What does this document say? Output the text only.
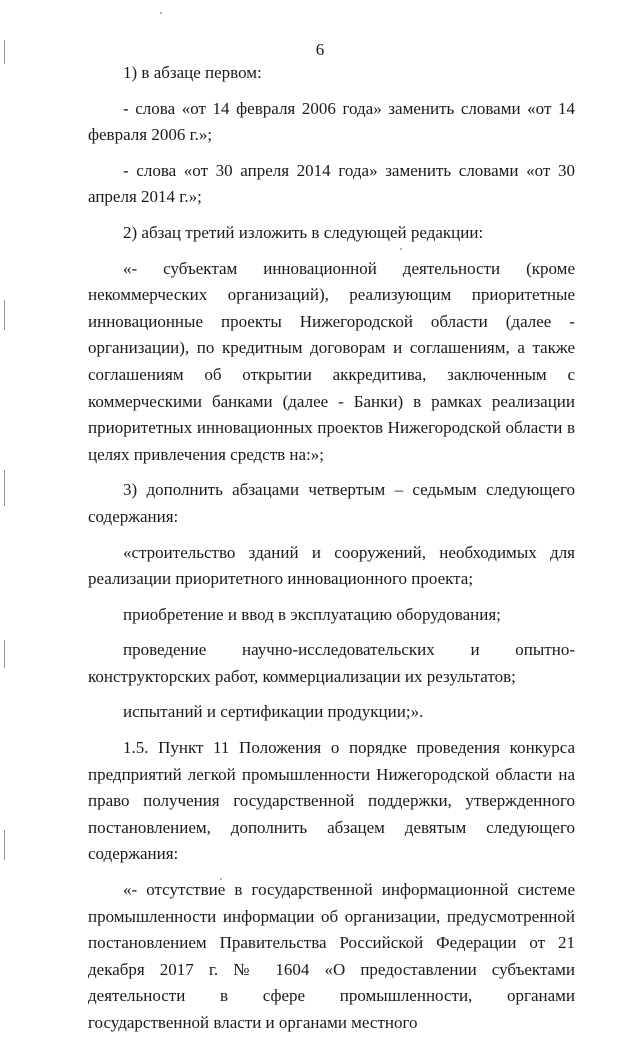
6

1) в абзаце первом:

- слова «от 14 февраля 2006 года» заменить словами «от 14 февраля 2006 г.»;

- слова «от 30 апреля 2014 года» заменить словами «от 30 апреля 2014 г.»;

2) абзац третий изложить в следующей редакции:

«- субъектам инновационной деятельности (кроме некоммерческих организаций), реализующим приоритетные инновационные проекты Нижегородской области (далее - организации), по кредитным договорам и соглашениям, а также соглашениям об открытии аккредитива, заключенным с коммерческими банками (далее - Банки) в рамках реализации приоритетных инновационных проектов Нижегородской области в целях привлечения средств на:»;

3) дополнить абзацами четвертым – седьмым следующего содержания:

«строительство зданий и сооружений, необходимых для реализации приоритетного инновационного проекта;

приобретение и ввод в эксплуатацию оборудования;

проведение научно-исследовательских и опытно-конструкторских работ, коммерциализации их результатов;

испытаний и сертификации продукции;».

1.5. Пункт 11 Положения о порядке проведения конкурса предприятий легкой промышленности Нижегородской области на право получения государственной поддержки, утвержденного постановлением, дополнить абзацем девятым следующего содержания:

«- отсутствие в государственной информационной системе промышленности информации об организации, предусмотренной постановлением Правительства Российской Федерации от 21 декабря 2017 г. № 1604 «О предоставлении субъектами деятельности в сфере промышленности, органами государственной власти и органами местного
